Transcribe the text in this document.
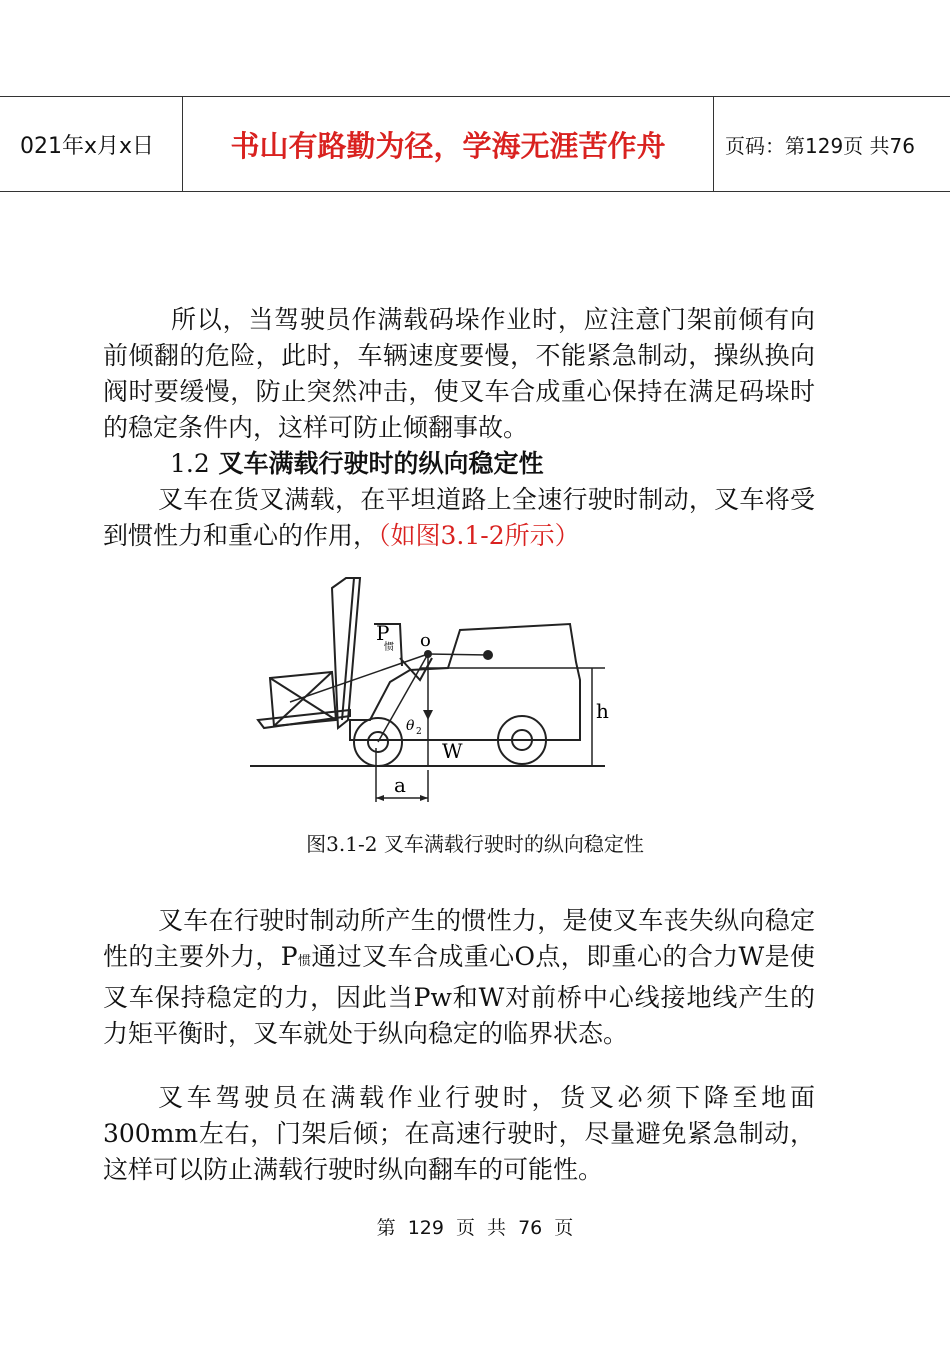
021年x月x日	书山有路勤为径，学海无涯苦作舟	页码：第129页 共76
所以，当驾驶员作满载码垛作业时，应注意门架前倾有向前倾翻的危险，此时，车辆速度要慢，不能紧急制动，操纵换向阀时要缓慢，防止突然冲击，使叉车合成重心保持在满足码垛时的稳定条件内，这样可防止倾翻事故。
1.2 叉车满载行驶时的纵向稳定性
叉车在货叉满载，在平坦道路上全速行驶时制动，叉车将受到惯性力和重心的作用，（如图3.1-2所示）
P
惯 o
θ 2
W
h
a
图3.1-2 叉车满载行驶时的纵向稳定性
叉车在行驶时制动所产生的惯性力，是使叉车丧失纵向稳定性的主要外力，P惯通过叉车合成重心O点，即重心的合力W是使叉车保持稳定的力，因此当Pw和W对前桥中心线接地线产生的力矩平衡时，叉车就处于纵向稳定的临界状态。
叉车驾驶员在满载作业行驶时，货叉必须下降至地面300mm左右，门架后倾；在高速行驶时，尽量避免紧急制动，这样可以防止满载行驶时纵向翻车的可能性。
第 129 页 共 76 页
